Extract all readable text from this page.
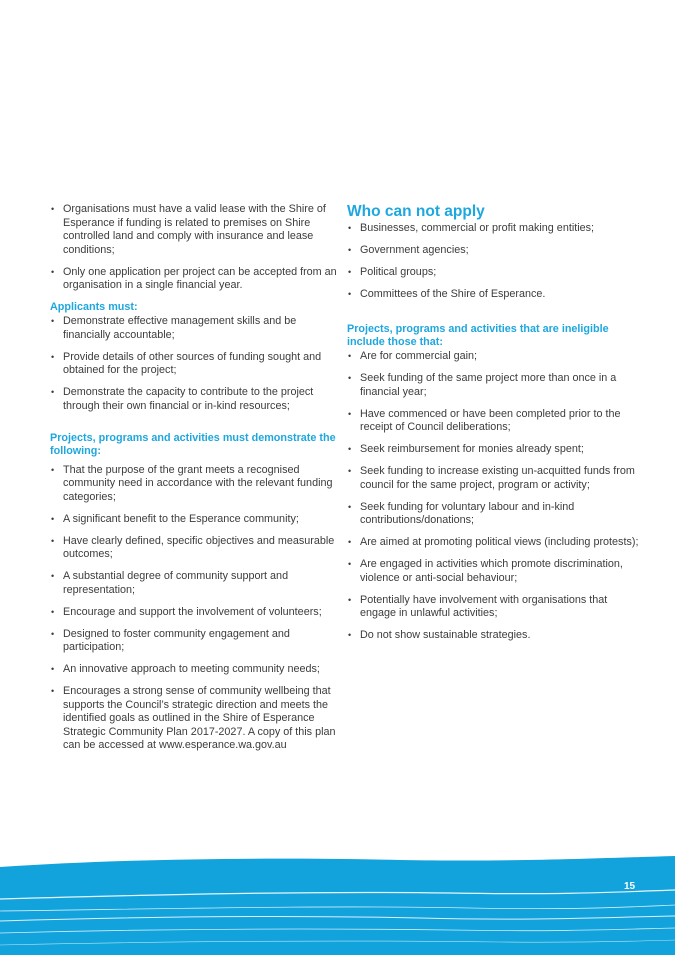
• Organisations must have a valid lease with the Shire of Esperance if funding is related to premises on Shire controlled land and comply with insurance and lease conditions;
• Only one application per project can be accepted from an organisation in a single financial year.
Applicants must:
• Demonstrate effective management skills and be financially accountable;
• Provide details of other sources of funding sought and obtained for the project;
• Demonstrate the capacity to contribute to the project through their own financial or in-kind resources;
Projects, programs and activities must demonstrate the following:
• That the purpose of the grant meets a recognised community need in accordance with the relevant funding categories;
• A significant benefit to the Esperance community;
• Have clearly defined, specific objectives and measurable outcomes;
• A substantial degree of community support and representation;
• Encourage and support the involvement of volunteers;
• Designed to foster community engagement and participation;
• An innovative approach to meeting community needs;
• Encourages a strong sense of community wellbeing that supports the Council’s strategic direction and meets the identified goals as outlined in the Shire of Esperance Strategic Community Plan 2017-2027. A copy of this plan can be accessed at www.esperance.wa.gov.au
Who can not apply
• Businesses, commercial or profit making entities;
• Government agencies;
• Political groups;
• Committees of the Shire of Esperance.
Projects, programs and activities that are ineligible include those that:
• Are for commercial gain;
• Seek funding of the same project more than once in a financial year;
• Have commenced or have been completed prior to the receipt of Council deliberations;
• Seek reimbursement for monies already spent;
• Seek funding to increase existing un-acquitted funds from council for the same project, program or activity;
• Seek funding for voluntary labour and in-kind contributions/donations;
• Are aimed at promoting political views (including protests);
• Are engaged in activities which promote discrimination, violence or anti-social behaviour;
• Potentially have involvement with organisations that engage in unlawful activities;
• Do not show sustainable strategies.
15
